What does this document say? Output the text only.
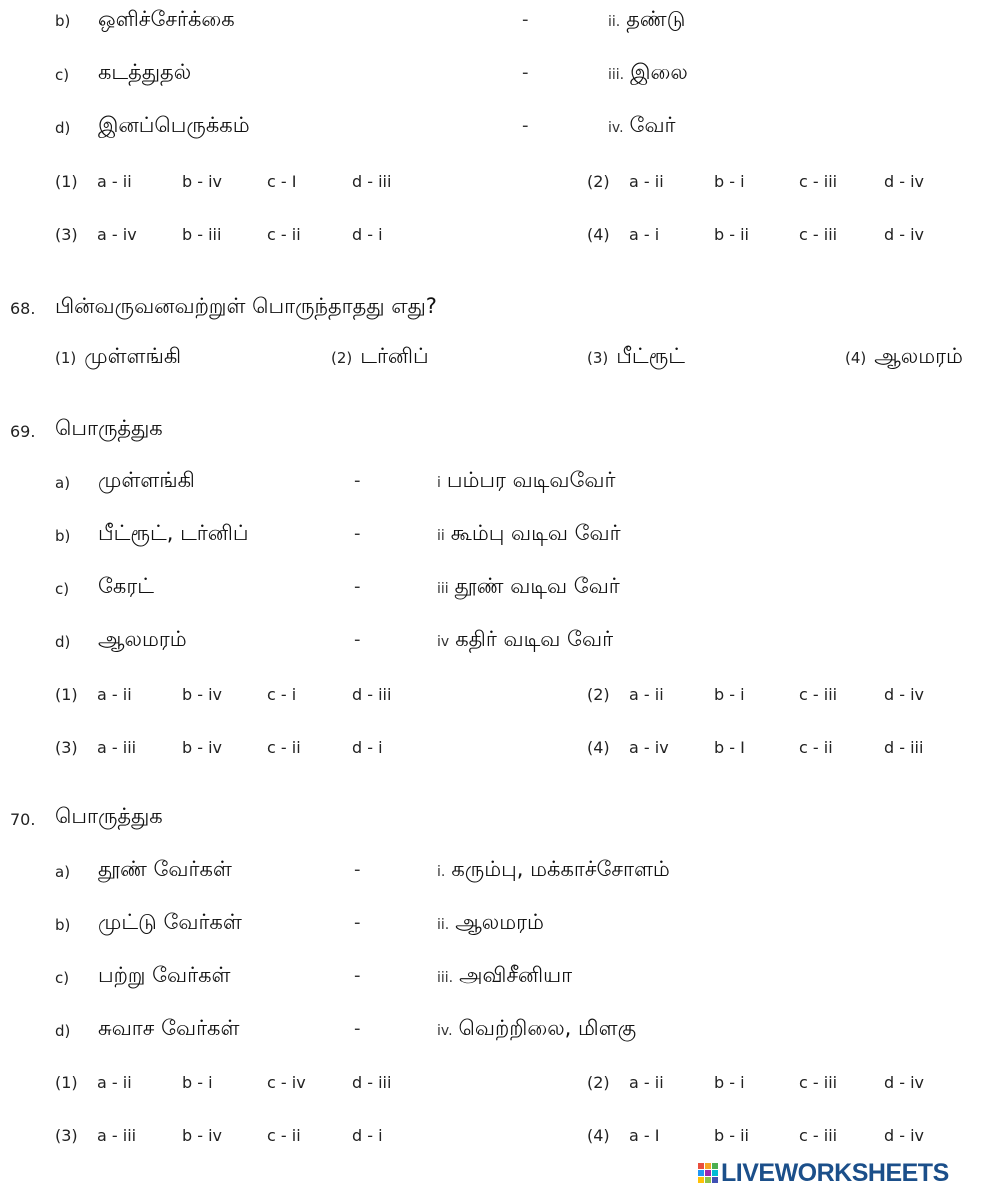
b) ஒளிச்சேர்க்கை	-	ii. தண்டு
c) கடத்துதல்	-	iii. இலை
d) இனப்பெருக்கம்	-	iv. வேர்
(1) a - ii	b - iv	c - I	d - iii	(2) a - ii	b - i	c - iii	d - iv
(3) a - iv	b - iii	c - ii	d - i	(4) a - i	b - ii	c - iii	d - iv
68. பின்வருவனவற்றுள் பொருந்தாதது எது?
(1) முள்ளங்கி	(2) டர்னிப்	(3) பீட்ரூட்	(4) ஆலமரம்
69. பொருத்துக
a) முள்ளங்கி	-	i பம்பர வடிவவேர்
b) பீட்ரூட், டர்னிப்	-	ii கூம்பு வடிவ வேர்
c) கேரட்	-	iii தூண் வடிவ வேர்
d) ஆலமரம்	-	iv கதிர் வடிவ வேர்
(1) a - ii	b - iv	c - i	d - iii	(2) a - ii	b - i	c - iii	d - iv
(3) a - iii	b - iv	c - ii	d - i	(4) a - iv	b - I	c - ii	d - iii
70. பொருத்துக
a) தூண் வேர்கள்	-	i. கரும்பு, மக்காச்சோளம்
b) முட்டு வேர்கள்	-	ii. ஆலமரம்
c) பற்று வேர்கள்	-	iii. அவிசீனியா
d) சுவாச வேர்கள்	-	iv. வெற்றிலை, மிளகு
(1) a - ii	b - i	c - iv	d - iii	(2) a - ii	b - i	c - iii	d - iv
(3) a - iii	b - iv	c - ii	d - i	(4) a - I	b - ii	c - iii	d - iv
LIVEWORKSHEETS
